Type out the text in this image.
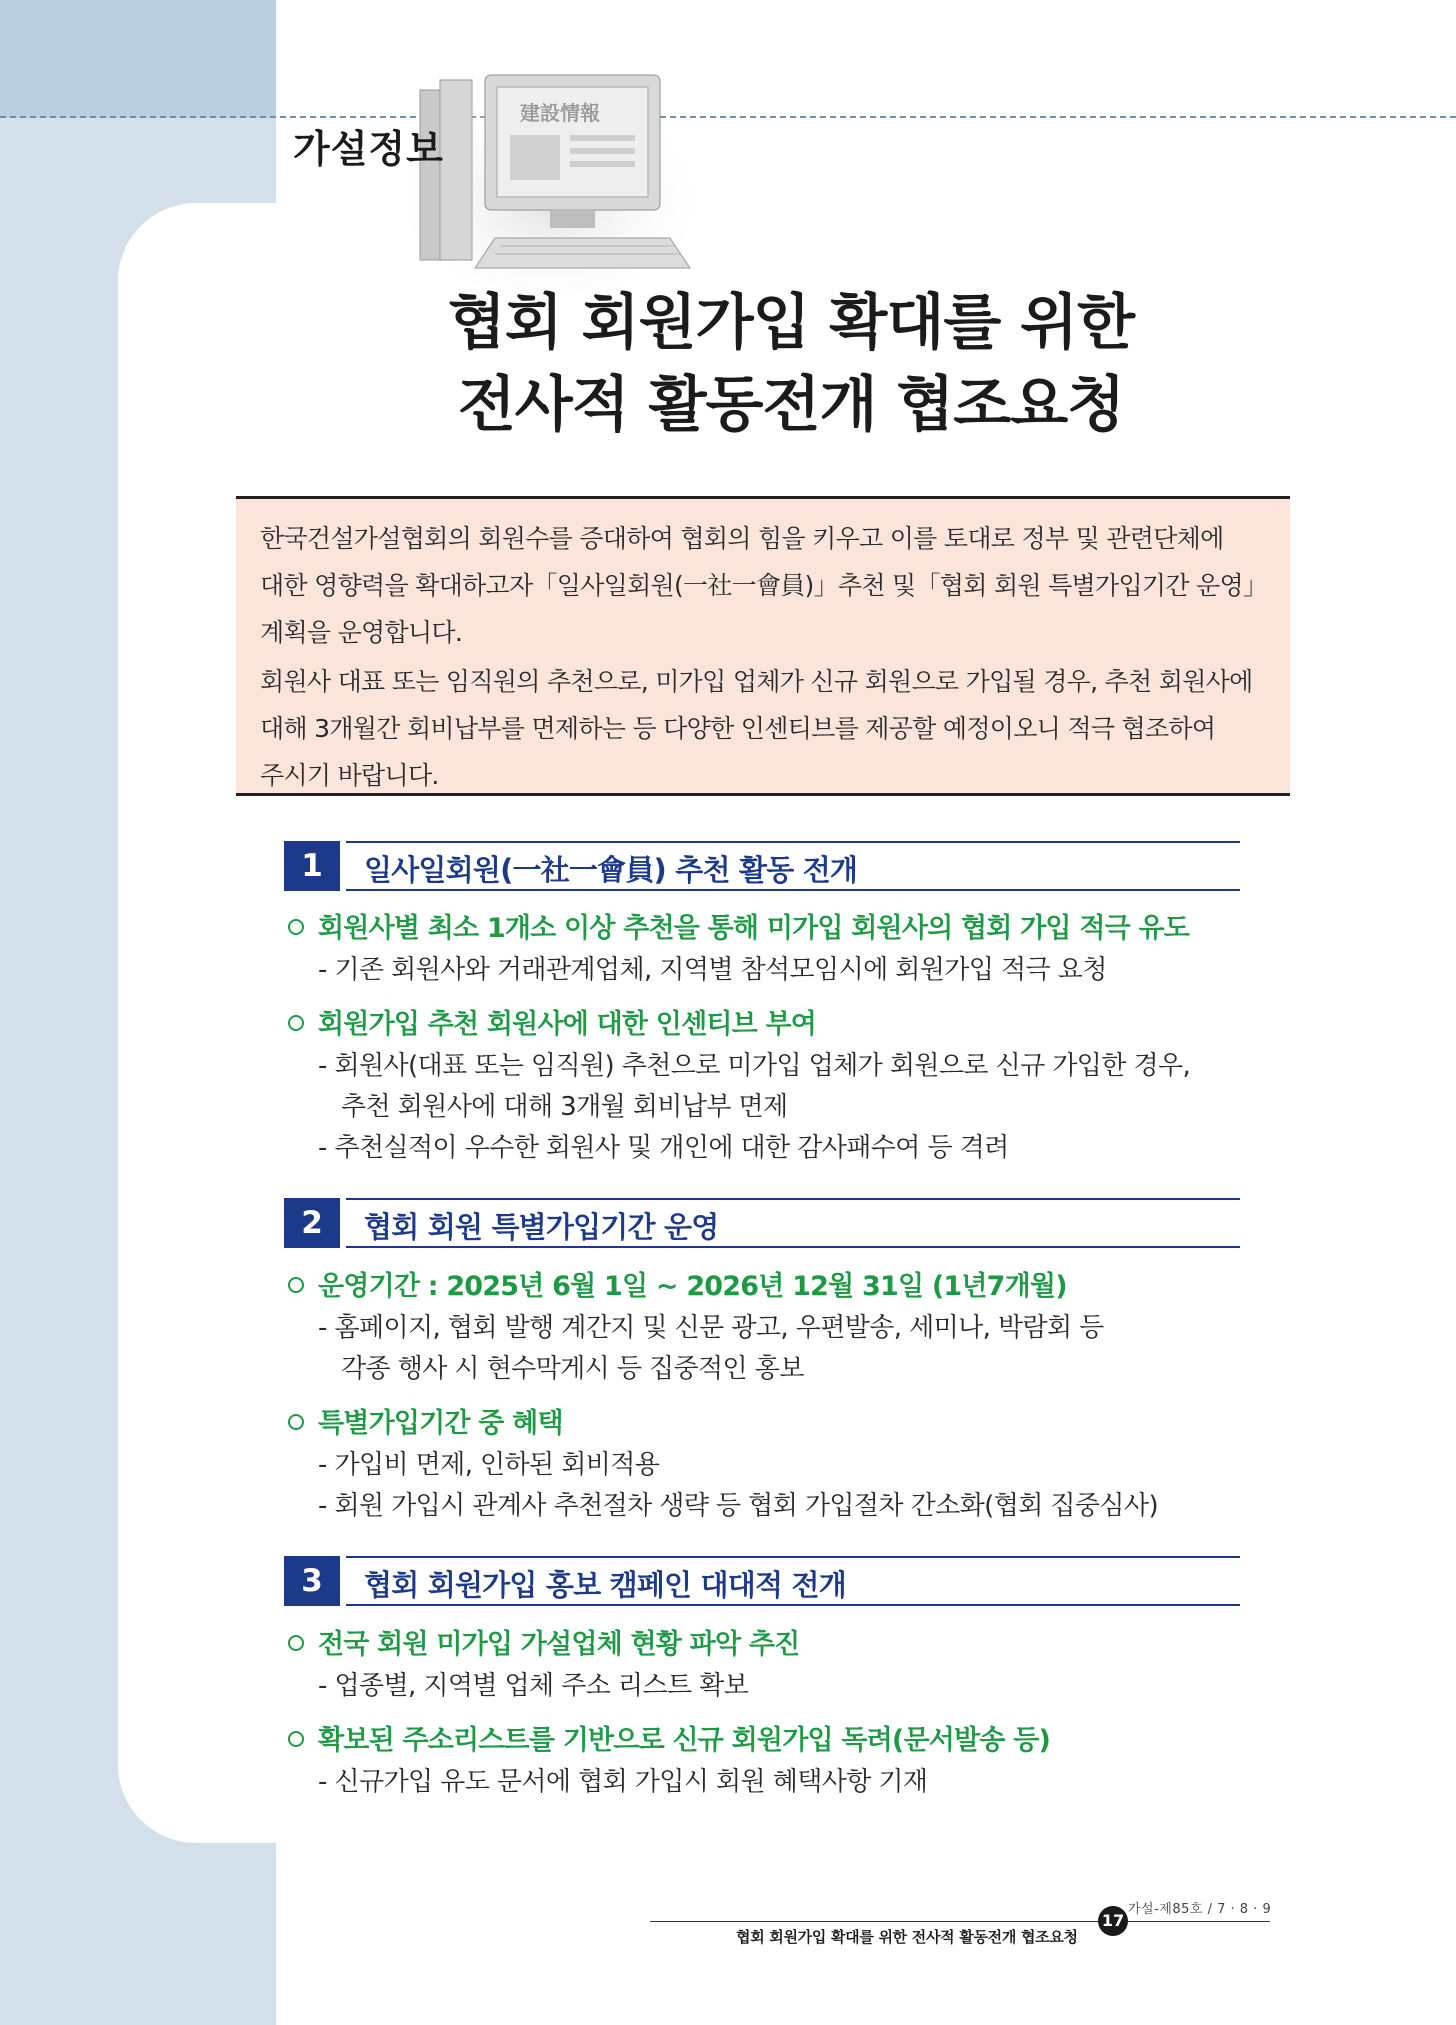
建設情報
가설정보
협회 회원가입 확대를 위한
전사적 활동전개 협조요청

한국건설가설협회의 회원수를 증대하여 협회의 힘을 키우고 이를 토대로 정부 및 관련단체에

대한 영향력을 확대하고자「일사일회원(一社一會員)」추천 및「협회 회원 특별가입기간 운영」

계획을 운영합니다.

회원사 대표 또는 임직원의 추천으로, 미가입 업체가 신규 회원으로 가입될 경우, 추천 회원사에

대해 3개월간 회비납부를 면제하는 등 다양한 인센티브를 제공할 예정이오니 적극 협조하여

주시기 바랍니다.

1	일사일회원(一社一會員) 추천 활동 전개
회원사별 최소 1개소 이상 추천을 통해 미가입 회원사의 협회 가입 적극 유도
- 기존 회원사와 거래관계업체, 지역별 참석모임시에 회원가입 적극 요청
회원가입 추천 회원사에 대한 인센티브 부여
- 회원사(대표 또는 임직원) 추천으로 미가입 업체가 회원으로 신규 가입한 경우,
추천 회원사에 대해 3개월 회비납부 면제
- 추천실적이 우수한 회원사 및 개인에 대한 감사패수여 등 격려
2	협회 회원 특별가입기간 운영
운영기간 : 2025년 6월 1일 ~ 2026년 12월 31일 (1년7개월)
- 홈페이지, 협회 발행 계간지 및 신문 광고, 우편발송, 세미나, 박람회 등
각종 행사 시 현수막게시 등 집중적인 홍보
특별가입기간 중 혜택
- 가입비 면제, 인하된 회비적용
- 회원 가입시 관계사 추천절차 생략 등 협회 가입절차 간소화(협회 집중심사)
3	협회 회원가입 홍보 캠페인 대대적 전개
전국 회원 미가입 가설업체 현황 파악 추진
- 업종별, 지역별 업체 주소 리스트 확보
확보된 주소리스트를 기반으로 신규 회원가입 독려(문서발송 등)
- 신규가입 유도 문서에 협회 가입시 회원 혜택사항 기재
가설-제85호 / 7 · 8 · 9
17
협회 회원가입 확대를 위한 전사적 활동전개 협조요청
